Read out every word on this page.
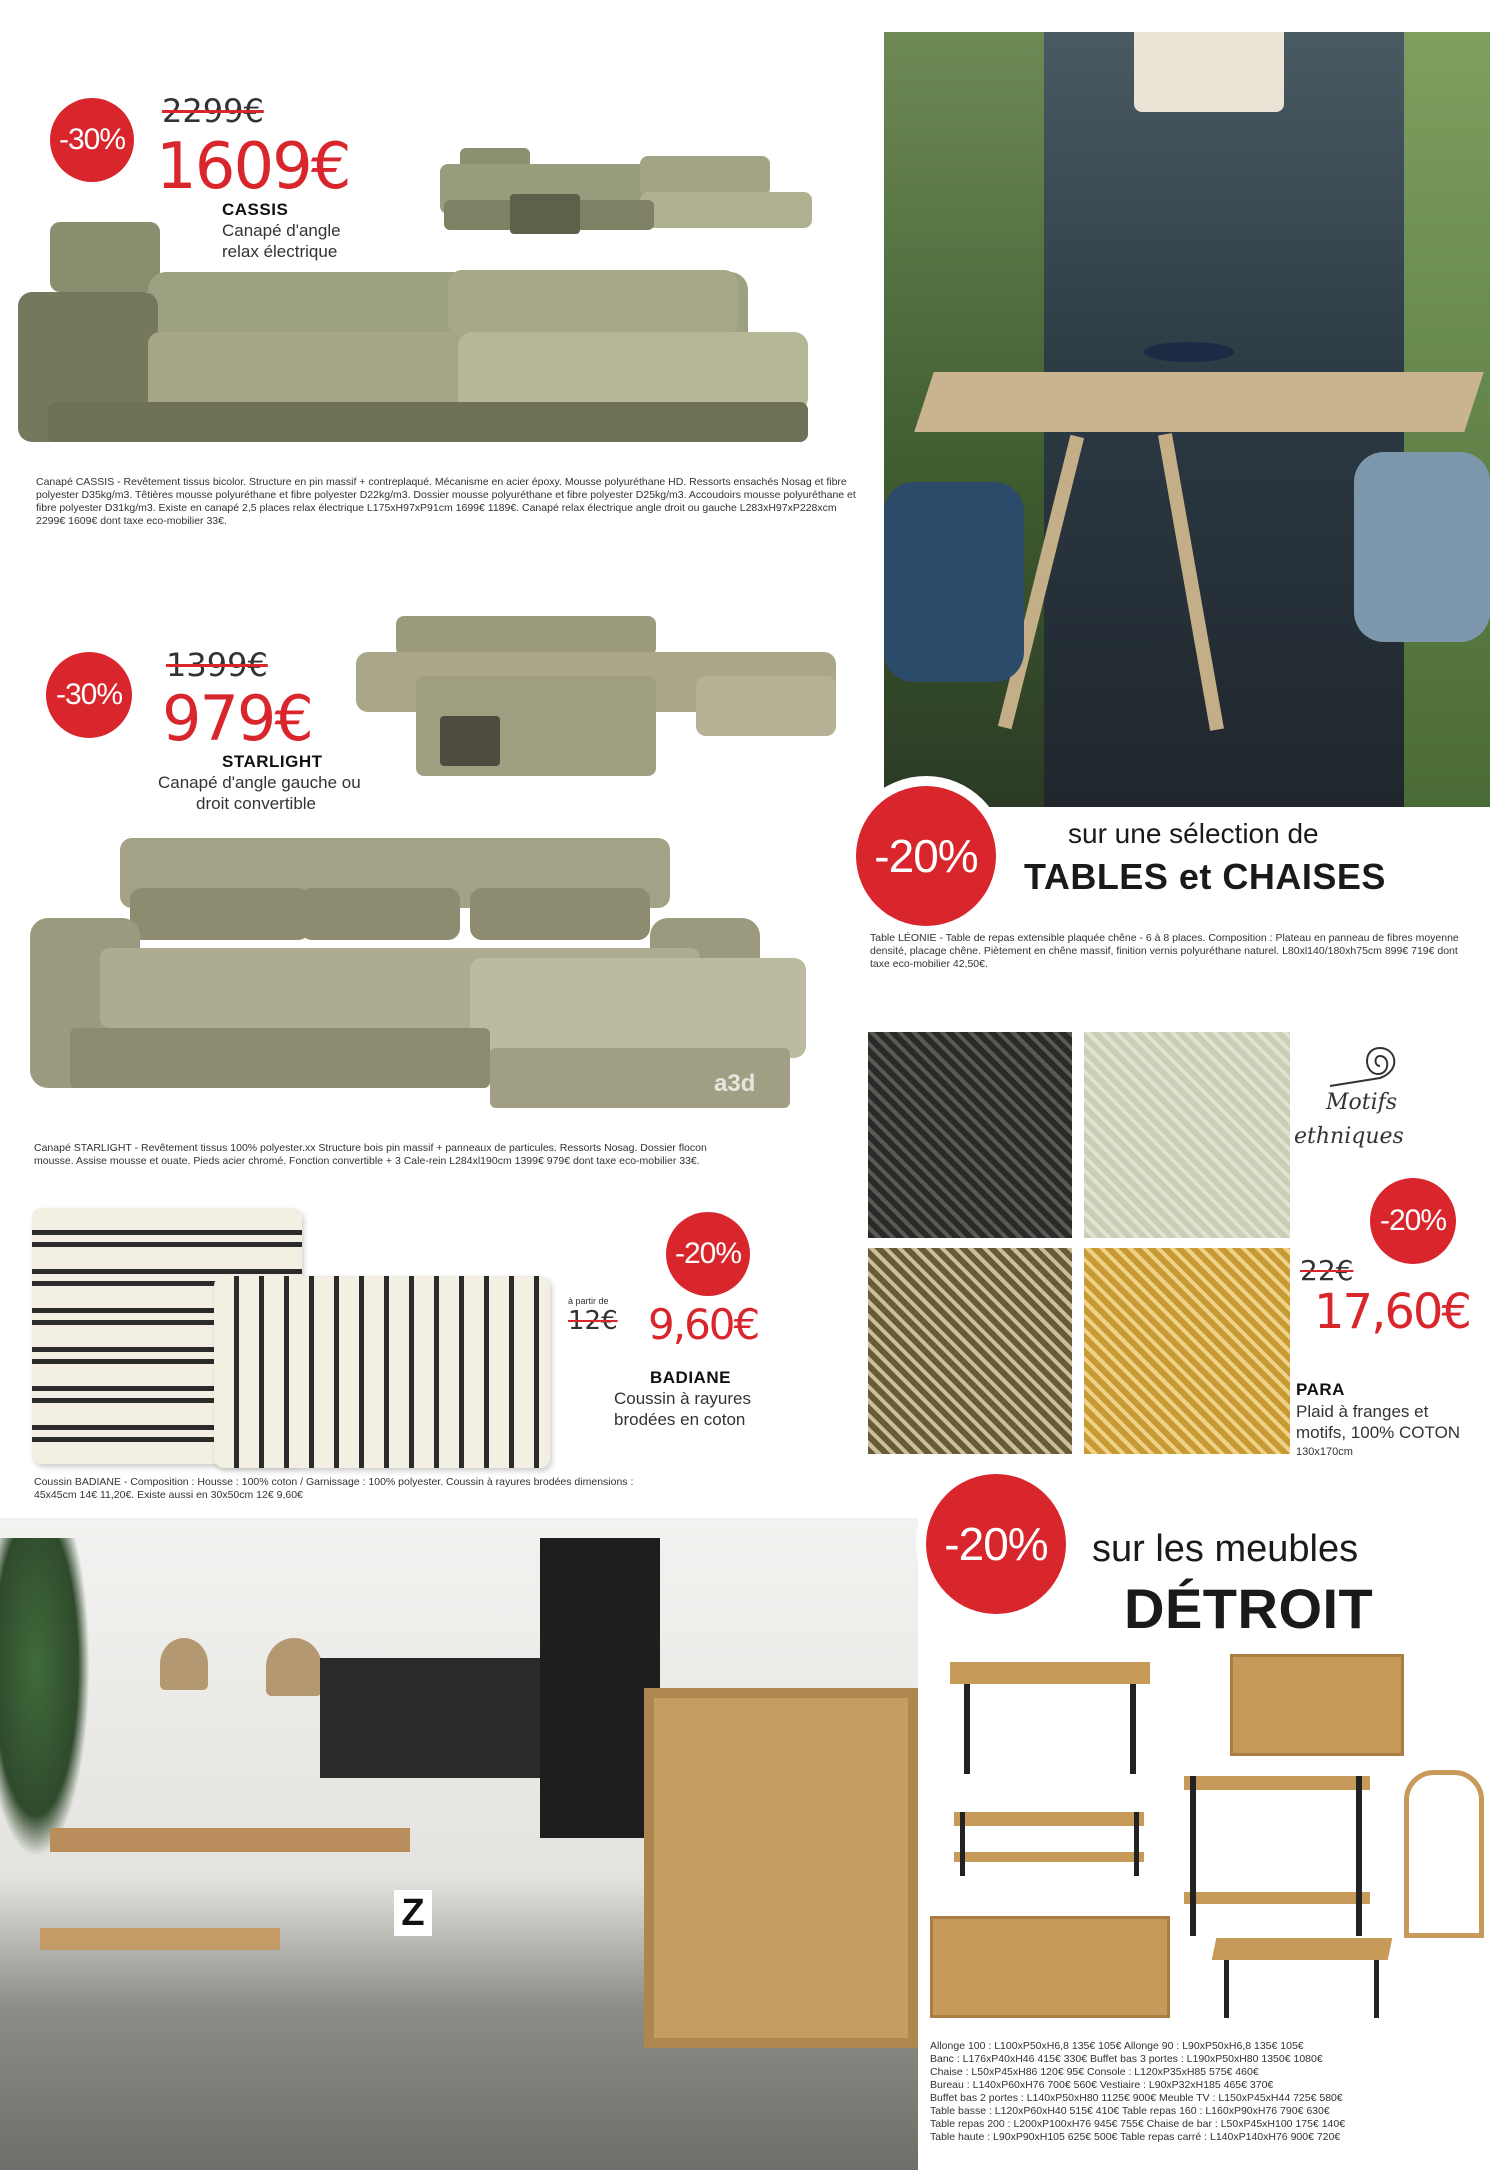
-30%
2299€
1609€
CASSIS
Canapé d'angle
relax électrique
Canapé CASSIS - Revêtement tissus bicolor. Structure en pin massif + contreplaqué. Mécanisme en acier époxy. Mousse polyuréthane HD. Ressorts ensachés Nosag et fibre polyester D35kg/m3. Têtières mousse polyuréthane et fibre polyester D22kg/m3. Dossier mousse polyuréthane et fibre polyester D25kg/m3. Accoudoirs mousse polyuréthane et fibre polyester D31kg/m3. Existe en canapé 2,5 places relax électrique L175xH97xP91cm 1699€ 1189€. Canapé relax électrique angle droit ou gauche L283xH97xP228xcm 2299€ 1609€ dont taxe eco-mobilier 33€.
-30%
1399€
979€
STARLIGHT
Canapé d'angle gauche ou
droit convertible
a3d
Canapé STARLIGHT - Revêtement tissus 100% polyester.xx Structure bois pin massif + panneaux de particules. Ressorts Nosag. Dossier flocon mousse. Assise mousse et ouate. Pieds acier chromé. Fonction convertible + 3 Cale-rein L284xl190cm 1399€ 979€ dont taxe eco-mobilier 33€.
-20%	sur une sélection de
TABLES et CHAISES
Table LÉONIE - Table de repas extensible plaquée chêne - 6 à 8 places. Composition : Plateau en panneau de fibres moyenne densité, placage chêne. Piètement en chêne massif, finition vernis polyuréthane naturel. L80xl140/180xh75cm 899€ 719€ dont taxe eco-mobilier 42,50€.
-20%
à partir de
12€ 9,60€
BADIANE
Coussin à rayures
brodées en coton
Coussin BADIANE - Composition : Housse : 100% coton / Garnissage : 100% polyester. Coussin à rayures brodées dimensions : 45x45cm 14€ 11,20€. Existe aussi en 30x50cm 12€ 9,60€
Motifs
ethniques
-20%
22€
17,60€
PARA
Plaid à franges et
motifs, 100% COTON
130x170cm
Z
-20%	sur les meubles
DÉTROIT
Allonge 100 : L100xP50xH6,8 135€ 105€ Allonge 90 : L90xP50xH6,8 135€ 105€
Banc : L176xP40xH46 415€ 330€ Buffet bas 3 portes : L190xP50xH80 1350€ 1080€
Chaise : L50xP45xH86 120€ 95€ Console : L120xP35xH85 575€ 460€
Bureau : L140xP60xH76 700€ 560€ Vestiaire : L90xP32xH185 465€ 370€
Buffet bas 2 portes : L140xP50xH80 1125€ 900€ Meuble TV : L150xP45xH44 725€ 580€
Table basse : L120xP60xH40 515€ 410€ Table repas 160 : L160xP90xH76 790€ 630€
Table repas 200 : L200xP100xH76 945€ 755€ Chaise de bar : L50xP45xH100 175€ 140€
Table haute : L90xP90xH105 625€ 500€ Table repas carré : L140xP140xH76 900€ 720€
